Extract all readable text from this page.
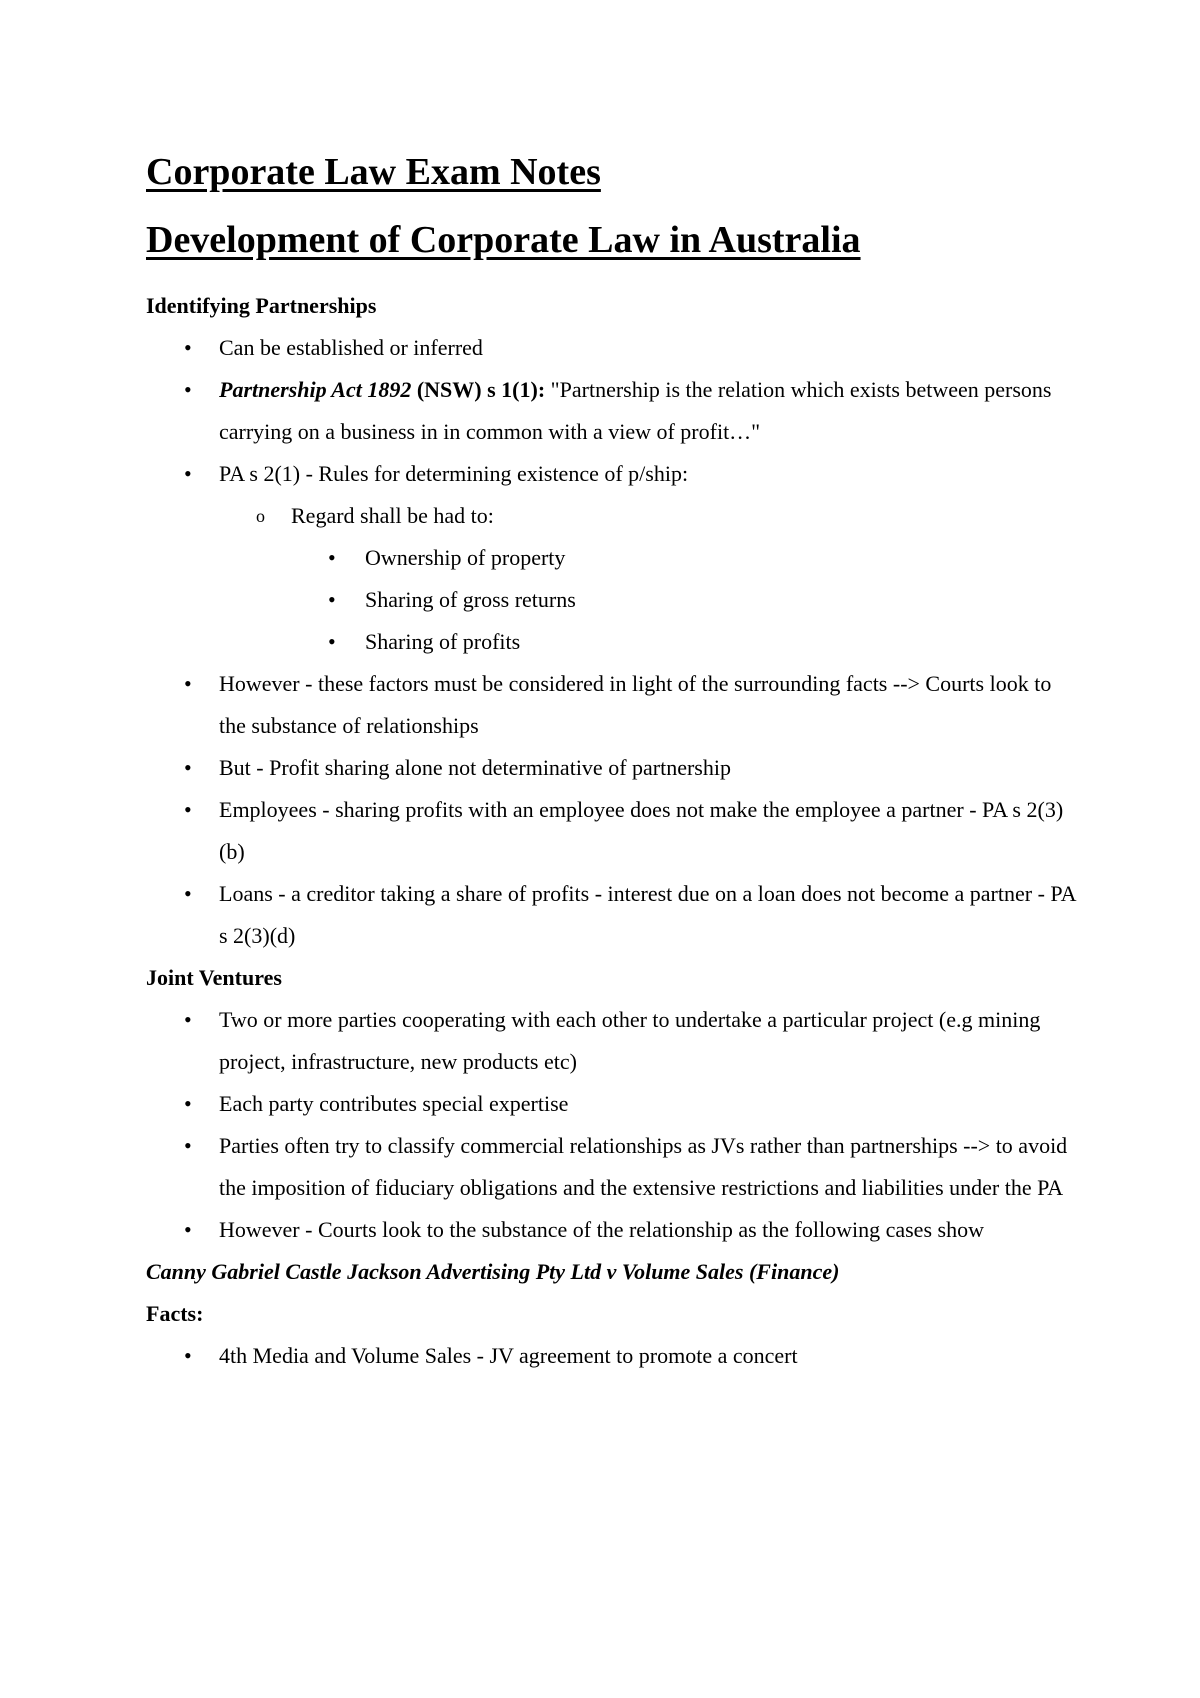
Corporate Law Exam Notes
Development of Corporate Law in Australia

Identifying Partnerships

• Can be established or inferred
• Partnership Act 1892 (NSW) s 1(1): "Partnership is the relation which exists between persons carrying on a business in in common with a view of profit…"
• PA s 2(1) - Rules for determining existence of p/ship:
o Regard shall be had to:
• Ownership of property
• Sharing of gross returns
• Sharing of profits
• However - these factors must be considered in light of the surrounding facts --> Courts look to the substance of relationships
• But - Profit sharing alone not determinative of partnership
• Employees - sharing profits with an employee does not make the employee a partner - PA s 2(3)(b)
• Loans - a creditor taking a share of profits - interest due on a loan does not become a partner - PA s 2(3)(d)

Joint Ventures

• Two or more parties cooperating with each other to undertake a particular project (e.g mining project, infrastructure, new products etc)
• Each party contributes special expertise
• Parties often try to classify commercial relationships as JVs rather than partnerships --> to avoid the imposition of fiduciary obligations and the extensive restrictions and liabilities under the PA
• However - Courts look to the substance of the relationship as the following cases show

Canny Gabriel Castle Jackson Advertising Pty Ltd v Volume Sales (Finance)

Facts:

• 4th Media and Volume Sales - JV agreement to promote a concert
